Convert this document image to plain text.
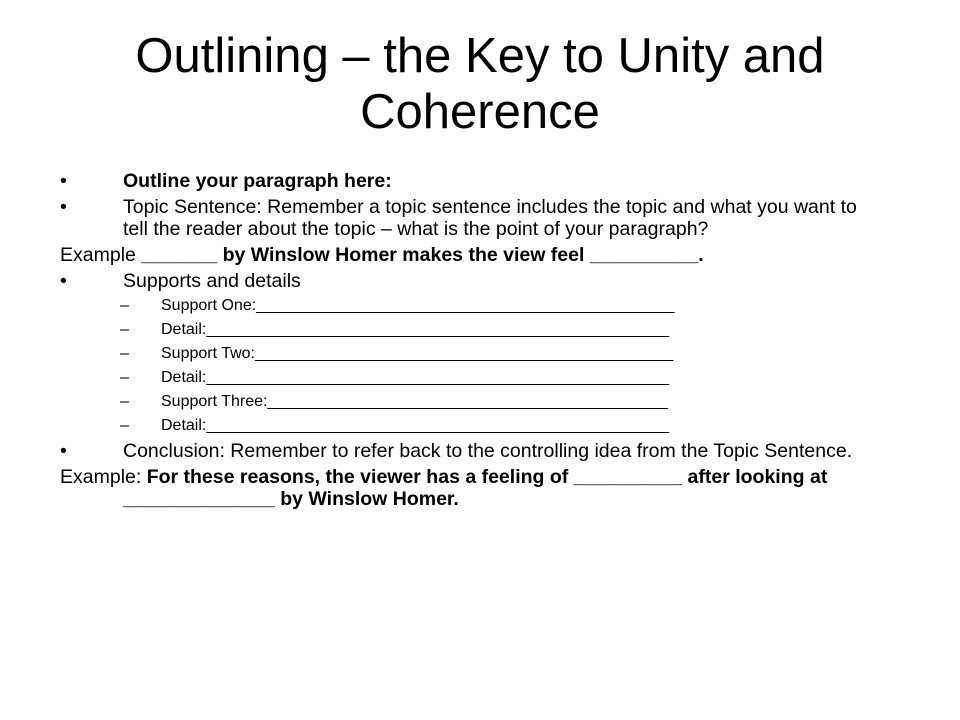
Outlining – the Key to Unity and Coherence
•	Outline your paragraph here:
•	Topic Sentence: Remember a topic sentence includes the topic and what you want to tell the reader about the topic – what is the point of your paragraph?
Example _______ by Winslow Homer makes the view feel __________.
•	Supports and details
– Support One:_______________________________________________
– Detail:____________________________________________________
– Support Two:_______________________________________________
– Detail:____________________________________________________
– Support Three:_____________________________________________
– Detail:____________________________________________________
•	Conclusion: Remember to refer back to the controlling idea from the Topic Sentence.
Example: For these reasons, the viewer has a feeling of __________ after looking at ______________ by Winslow Homer.
